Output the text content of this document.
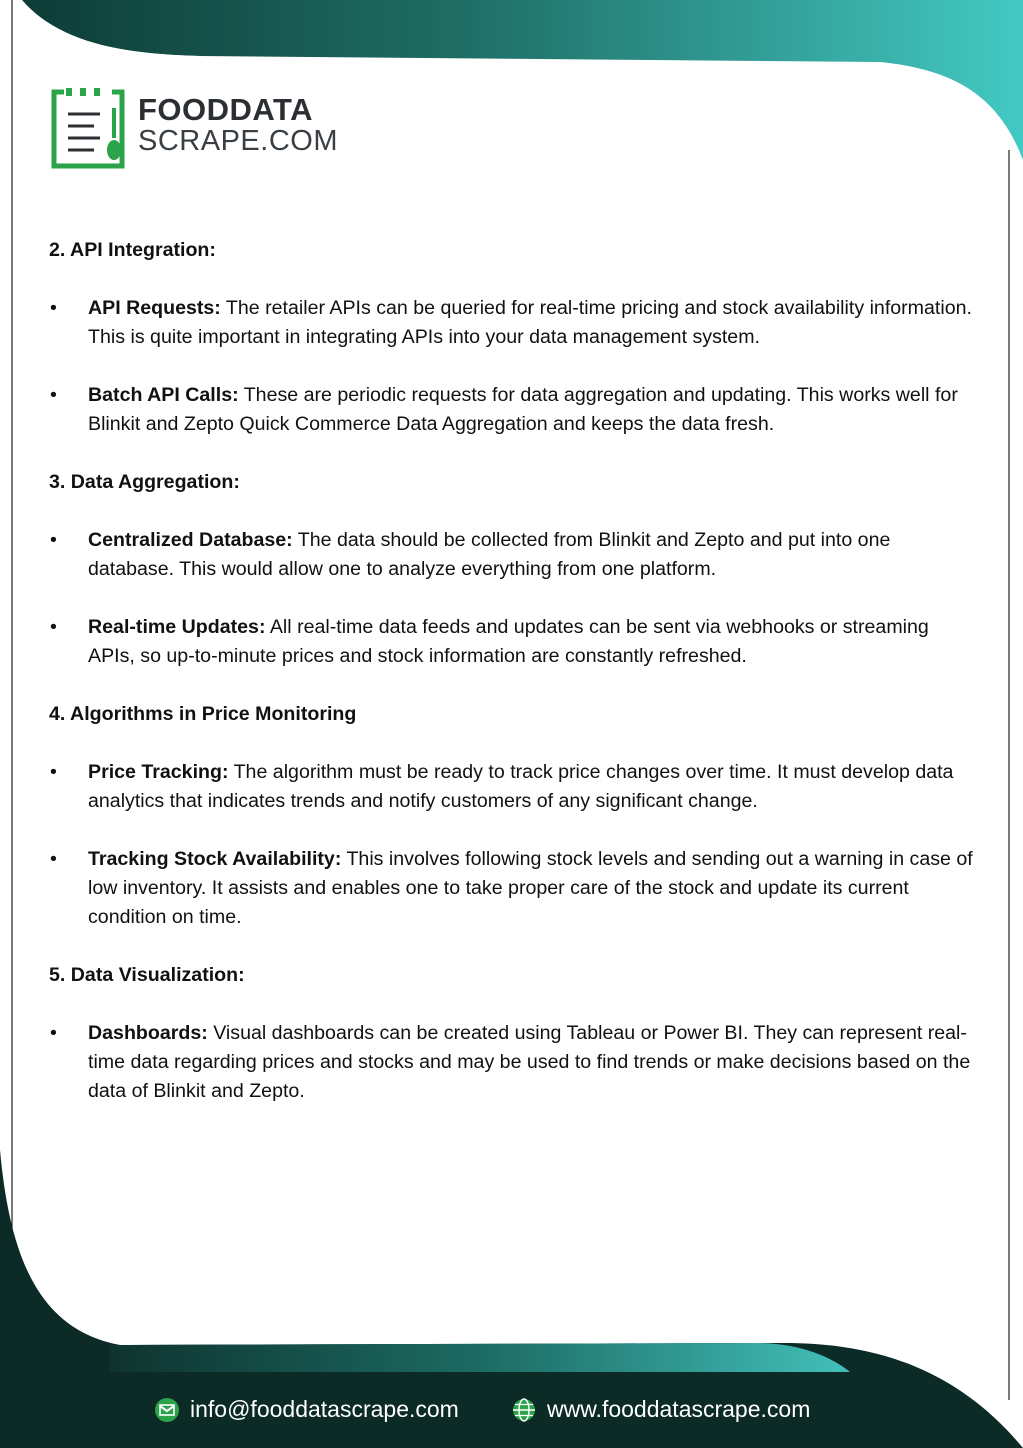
FOODDATA
SCRAPE.COM
2. API Integration:
• API Requests: The retailer APIs can be queried for real-time pricing and stock availability information. This is quite important in integrating APIs into your data management system.
• Batch API Calls: These are periodic requests for data aggregation and updating. This works well for Blinkit and Zepto Quick Commerce Data Aggregation and keeps the data fresh.
3. Data Aggregation:
• Centralized Database: The data should be collected from Blinkit and Zepto and put into one database. This would allow one to analyze everything from one platform.
• Real-time Updates: All real-time data feeds and updates can be sent via webhooks or streaming APIs, so up-to-minute prices and stock information are constantly refreshed.
4. Algorithms in Price Monitoring
• Price Tracking: The algorithm must be ready to track price changes over time. It must develop data analytics that indicates trends and notify customers of any significant change.
• Tracking Stock Availability: This involves following stock levels and sending out a warning in case of low inventory. It assists and enables one to take proper care of the stock and update its current condition on time.
5. Data Visualization:
• Dashboards: Visual dashboards can be created using Tableau or Power BI. They can represent real-time data regarding prices and stocks and may be used to find trends or make decisions based on the data of Blinkit and Zepto.
info@fooddatascrape.com	www.fooddatascrape.com
